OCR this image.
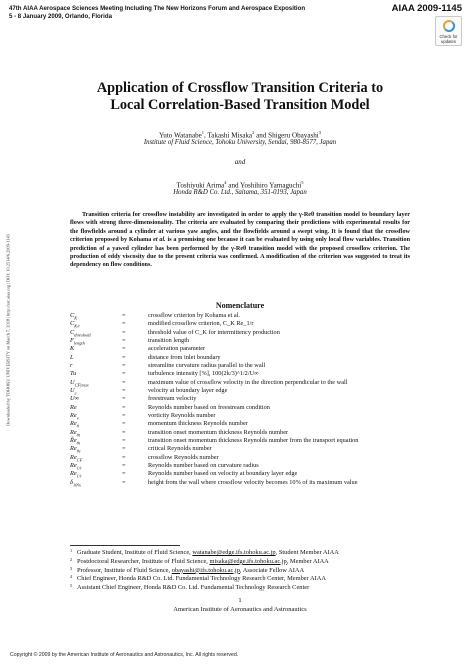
47th AIAA Aerospace Sciences Meeting Including The New Horizons Forum and Aerospace Exposition
5 - 8 January 2009, Orlando, Florida
AIAA 2009-1145
Check for
updates
Downloaded by TOHOKU UNIVERSITY on March 7, 2018 | http://arc.aiaa.org | DOI: 10.2514/6.2009-1145
Application of Crossflow Transition Criteria to
Local Correlation-Based Transition Model
Yuto Watanabe$^1$, Takashi Misaka$^2$ and Shigeru Obayashi$^3$
Institute of Fluid Science, Tohoku University, Sendai, 980-8577, Japan
and
Toshiyuki Arima$^4$ and Yoshihiro Yamaguchi$^5$
Honda R&D Co. Ltd., Saitama, 351-0193, Japan
Transition criteria for crossflow instability are investigated in order to apply the γ-Reθ transition model to boundary layer flows with strong three-dimensionality. The criteria are evaluated by comparing their predictions with experimental results for the flowfields around a cylinder at various yaw angles, and the flowfields around a swept wing. It is found that the crossflow criterion proposed by Kohama et al. is a promising one because it can be evaluated by using only local flow variables. Transition prediction of a yawed cylinder has been performed by the γ-Reθ transition model with the proposed crossflow criterion. The production of eddy viscosity due to the present criteria was confirmed. A modification of the criterion was suggested to treat its dependency on flow conditions.
Nomenclature
$C_K$	=	crossflow criterion by Kohama et al.
$C_{K/r}$	=	modified crossflow criterion, C_K Re_1/r
$C_{threshold}$	=	threshold value of C_K for intermittency production
$F_{length}$	=	transition length
K	=	acceleration parameter
L	=	distance from inlet boundary
r	=	streamline curvature radius parallel to the wall
Tu	=	turbulence intensity [%], 100(2k/3)^1/2/U∞
$U_{CF|max}$	=	maximum value of crossflow velocity in the direction perpendicular to the wall
$U_e$	=	velocity at boundary layer edge
U∞	=	freestream velocity
Re	=	Reynolds number based on freestream condition
$Re_v$	=	vorticity Reynolds number
$Re_\theta$	=	momentum thickness Reynolds number
$Re_{\theta t}$	=	transition onset momentum thickness Reynolds number
$R̃e_{\theta t}$	=	transition onset momentum thickness Reynolds number from the transport equation
$Re_{\theta c}$	=	critical Reynolds number
$Re_{CF}$	=	crossflow Reynolds number
$Re_{1/r}$	=	Reynolds number based on curvature radius
$Re_{1/r}$	=	Reynolds number based on velocity at boundary layer edge
$\delta_{10\%}$	=	height from the wall where crossflow velocity becomes 10% of its maximum value
1 Graduate Student, Institute of Fluid Science, watanabe@edge.ifs.tohoku.ac.jp, Student Member AIAA
2 Postdoctoral Researcher, Institute of Fluid Science, misaka@edge.ifs.tohoku.ac.jp, Member AIAA
3 Professor, Institute of Fluid Science, obayashi@ifs.tohoku.ac.jp, Associate Fellow AIAA
4 Chief Engineer, Honda R&D Co. Ltd. Fundamental Technology Research Center, Member AIAA
5 Assistant Chief Engineer, Honda R&D Co. Ltd. Fundamental Technology Research Center
1
American Institute of Aeronautics and Astronautics
Copyright © 2009 by the American Institute of Aeronautics and Astronautics, Inc. All rights reserved.
